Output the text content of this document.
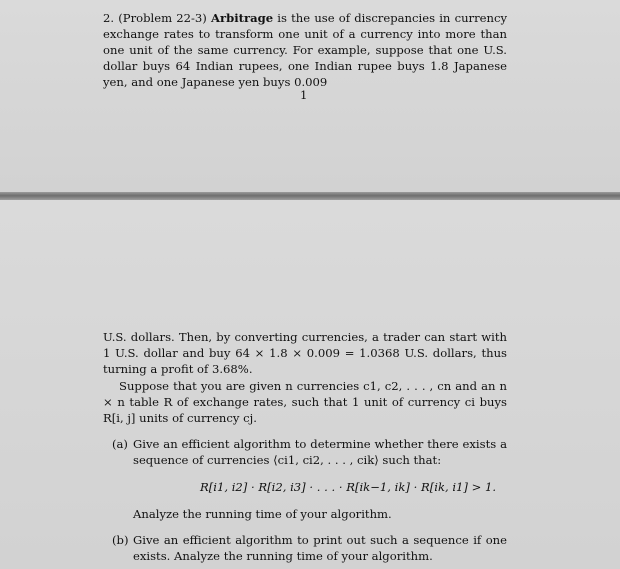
2. (Problem 22-3) Arbitrage is the use of discrepancies in currency exchange rates to transform one unit of a currency into more than one unit of the same currency. For example, suppose that one U.S. dollar buys 64 Indian rupees, one Indian rupee buys 1.8 Japanese yen, and one Japanese yen buys 0.009

1

U.S. dollars. Then, by converting currencies, a trader can start with 1 U.S. dollar and buy 64 × 1.8 × 0.009 = 1.0368 U.S. dollars, thus turning a profit of 3.68%.

Suppose that you are given n currencies c1, c2, . . . , cn and an n × n table R of exchange rates, such that 1 unit of currency ci buys R[i, j] units of currency cj.

(a) Give an efficient algorithm to determine whether there exists a sequence of currencies ⟨ci1, ci2, . . . , cik⟩ such that:
R[i1, i2] · R[i2, i3] · . . . · R[ik−1, ik] · R[ik, i1] > 1.
Analyze the running time of your algorithm.
(b) Give an efficient algorithm to print out such a sequence if one exists. Analyze the running time of your algorithm.
